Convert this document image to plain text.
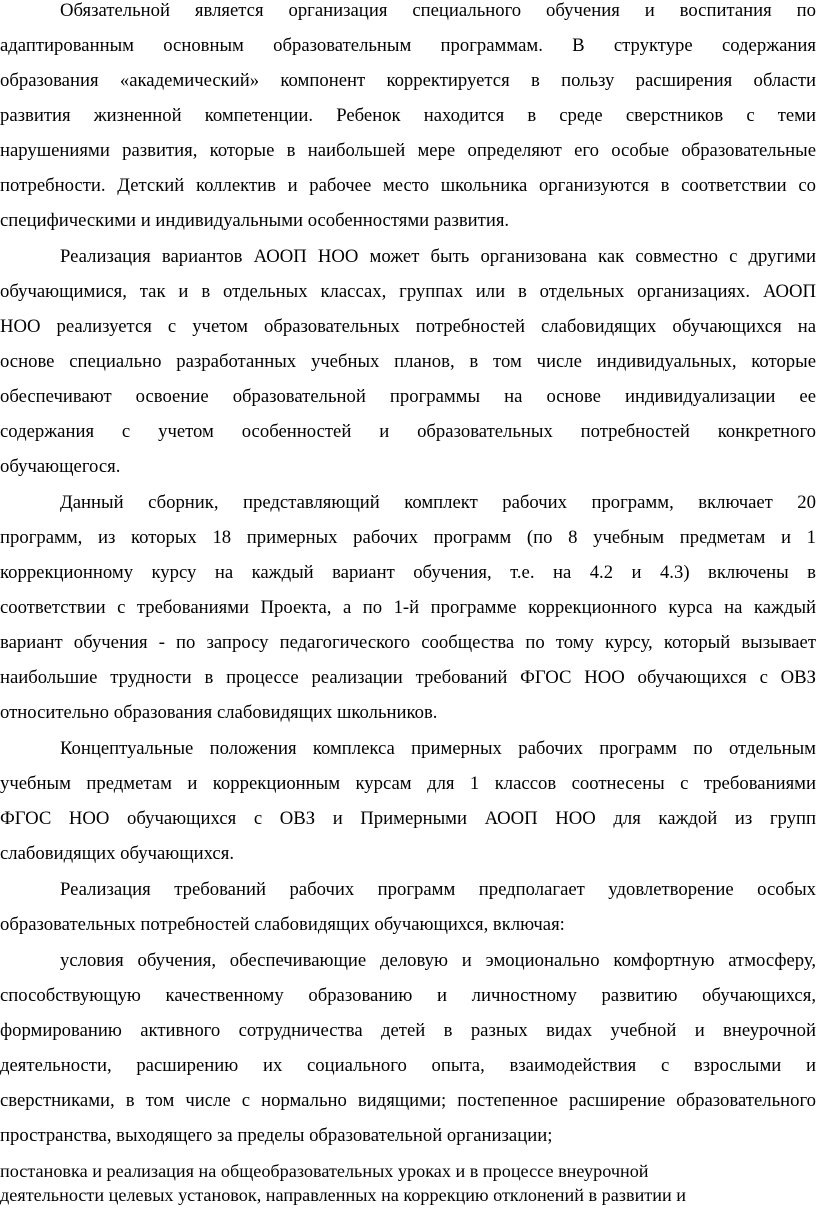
Обязательной является организация специального обучения и воспитания по
адаптированным основным образовательным программам. В структуре содержания
образования «академический» компонент корректируется в пользу расширения области
развития жизненной компетенции. Ребенок находится в среде сверстников с теми
нарушениями развития, которые в наибольшей мере определяют его особые образовательные
потребности. Детский коллектив и рабочее место школьника организуются в соответствии со
специфическими и индивидуальными особенностями развития.
Реализация вариантов АООП НОО может быть организована как совместно с другими
обучающимися, так и в отдельных классах, группах или в отдельных организациях. АООП
НОО реализуется с учетом образовательных потребностей слабовидящих обучающихся на
основе специально разработанных учебных планов, в том числе индивидуальных, которые
обеспечивают освоение образовательной программы на основе индивидуализации ее
содержания с учетом особенностей и образовательных потребностей конкретного
обучающегося.
Данный сборник, представляющий комплект рабочих программ, включает 20
программ, из которых 18 примерных рабочих программ (по 8 учебным предметам и 1
коррекционному курсу на каждый вариант обучения, т.е. на 4.2 и 4.3) включены в
соответствии с требованиями Проекта, а по 1-й программе коррекционного курса на каждый
вариант обучения - по запросу педагогического сообщества по тому курсу, который вызывает
наибольшие трудности в процессе реализации требований ФГОС НОО обучающихся с ОВЗ
относительно образования слабовидящих школьников.
Концептуальные положения комплекса примерных рабочих программ по отдельным
учебным предметам и коррекционным курсам для 1 классов соотнесены с требованиями
ФГОС НОО обучающихся с ОВЗ и Примерными АООП НОО для каждой из групп
слабовидящих обучающихся.
Реализация требований рабочих программ предполагает удовлетворение особых
образовательных потребностей слабовидящих обучающихся, включая:
условия обучения, обеспечивающие деловую и эмоционально комфортную атмосферу,
способствующую качественному образованию и личностному развитию обучающихся,
формированию активного сотрудничества детей в разных видах учебной и внеурочной
деятельности, расширению их социального опыта, взаимодействия с взрослыми и
сверстниками, в том числе с нормально видящими; постепенное расширение образовательного
пространства, выходящего за пределы образовательной организации;
постановка и реализация на общеобразовательных уроках и в процессе внеурочной
деятельности целевых установок, направленных на коррекцию отклонений в развитии и
